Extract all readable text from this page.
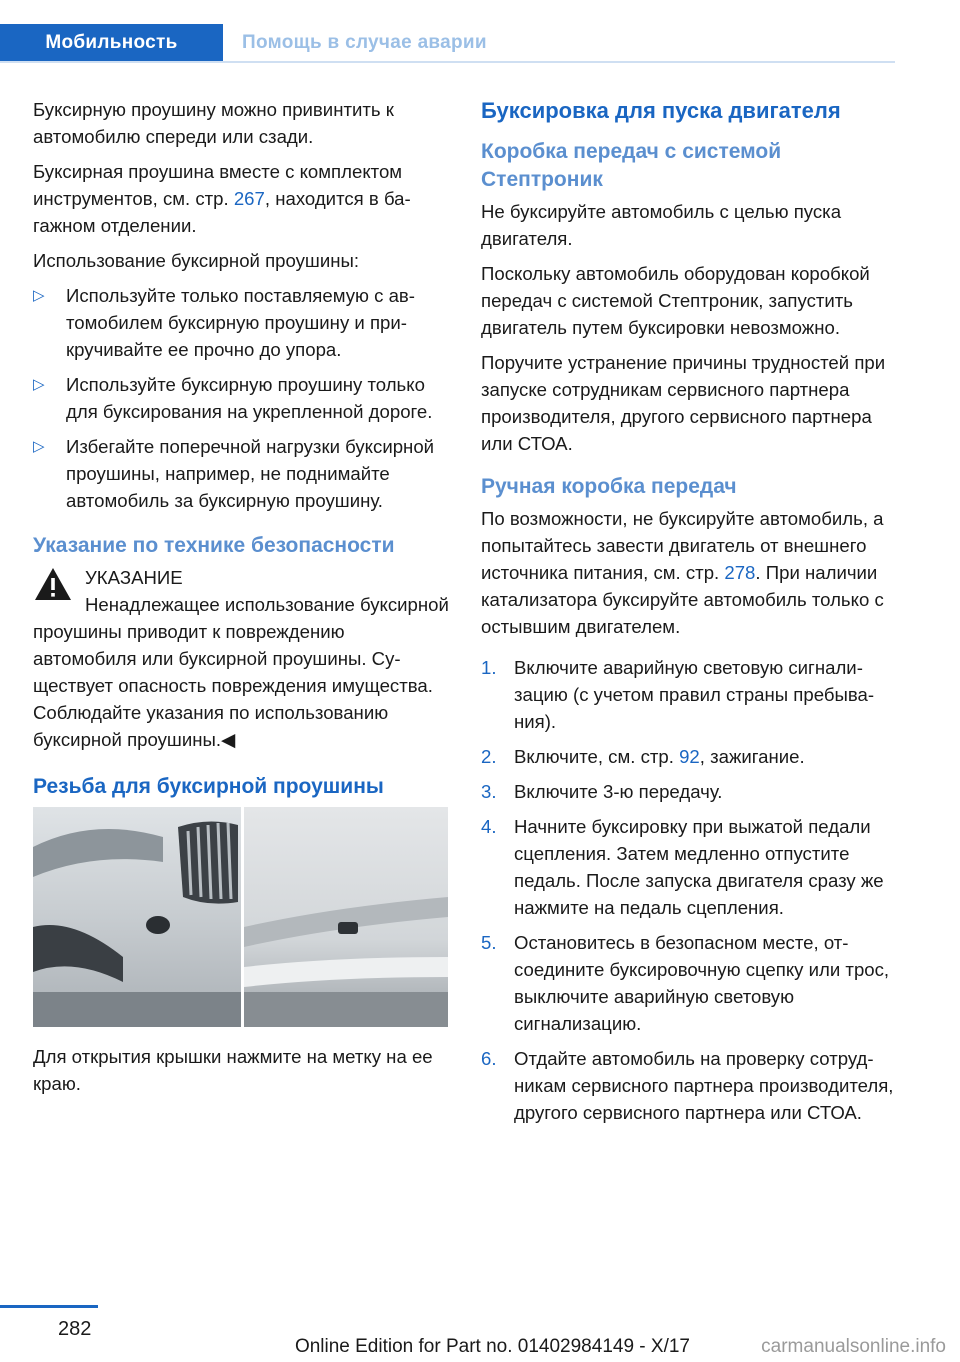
Мобильность	Помощь в случае аварии

Буксирную проушину можно привинтить к автомобилю спереди или сзади.

Буксирная проушина вместе с комплектом инструментов, см. стр. 267, находится в багажном отделении.

Использование буксирной проушины:

▷ Используйте только поставляемую с автомобилем буксирную проушину и прикручивайте ее прочно до упора.
▷ Используйте буксирную проушину только для буксирования на укрепленной дороге.
▷ Избегайте поперечной нагрузки буксирной проушины, например, не поднимайте автомобиль за буксирную проушину.
Указание по технике безопасности
УКАЗАНИЕ
Ненадлежащее использование буксирной проушины приводит к повреждению автомобиля или буксирной проушины. Существует опасность повреждения имущества. Соблюдайте указания по использованию буксирной проушины.◀
Резьба для буксирной проушины

Для открытия крышки нажмите на метку на ее краю.

Буксировка для пуска двигателя
Коробка передач с системой Стептроник

Не буксируйте автомобиль с целью пуска двигателя.

Поскольку автомобиль оборудован коробкой передач с системой Стептроник, запустить двигатель путем буксировки невозможно.

Поручите устранение причины трудностей при запуске сотрудникам сервисного партнера производителя, другого сервисного партнера или СТОА.

Ручная коробка передач

По возможности, не буксируйте автомобиль, а попытайтесь завести двигатель от внешнего источника питания, см. стр. 278. При наличии катализатора буксируйте автомобиль только с остывшим двигателем.

1. Включите аварийную световую сигнализацию (с учетом правил страны пребывания).
2. Включите, см. стр. 92, зажигание.
3. Включите 3-ю передачу.
4. Начните буксировку при выжатой педали сцепления. Затем медленно отпустите педаль. После запуска двигателя сразу же нажмите на педаль сцепления.
5. Остановитесь в безопасном месте, отсоедините буксировочную сцепку или трос, выключите аварийную световую сигнализацию.
6. Отдайте автомобиль на проверку сотрудникам сервисного партнера производителя, другого сервисного партнера или СТОА.
282
Online Edition for Part no. 01402984149 - X/17	carmanualsonline.info
